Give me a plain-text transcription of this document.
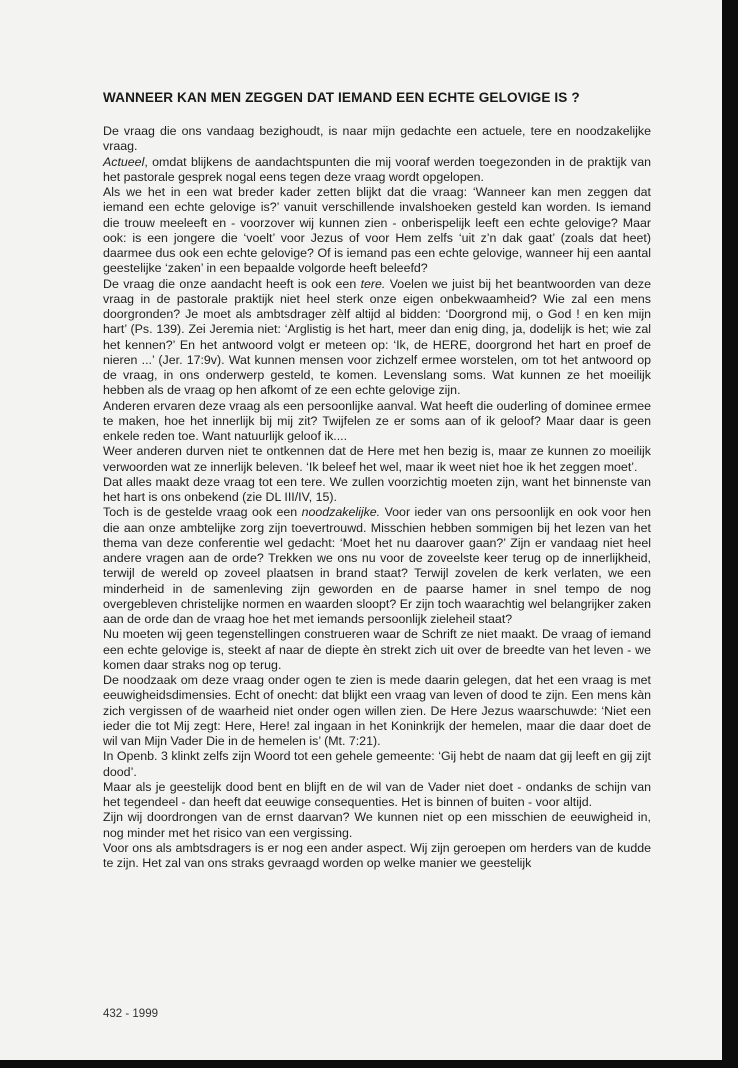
WANNEER KAN MEN ZEGGEN DAT IEMAND EEN ECHTE GELOVIGE IS ?

De vraag die ons vandaag bezighoudt, is naar mijn gedachte een actuele, tere en noodzakelijke vraag.

Actueel, omdat blijkens de aandachtspunten die mij vooraf werden toegezonden in de praktijk van het pastorale gesprek nogal eens tegen deze vraag wordt opgelopen.

Als we het in een wat breder kader zetten blijkt dat die vraag: ‘Wanneer kan men zeggen dat iemand een echte gelovige is?’ vanuit verschillende invalshoeken gesteld kan worden. Is iemand die trouw meeleeft en - voorzover wij kunnen zien - onberispelijk leeft een echte gelovige? Maar ook: is een jongere die ‘voelt’ voor Jezus of voor Hem zelfs ‘uit z’n dak gaat’ (zoals dat heet) daarmee dus ook een echte gelovige? Of is iemand pas een echte gelovige, wanneer hij een aantal geestelijke ‘zaken’ in een bepaalde volgorde heeft beleefd?

De vraag die onze aandacht heeft is ook een tere. Voelen we juist bij het beantwoorden van deze vraag in de pastorale praktijk niet heel sterk onze eigen onbekwaamheid? Wie zal een mens doorgronden? Je moet als ambtsdrager zèlf altijd al bidden: ‘Doorgrond mij, o God ! en ken mijn hart’ (Ps. 139). Zei Jeremia niet: ‘Arglistig is het hart, meer dan enig ding, ja, dodelijk is het; wie zal het kennen?’ En het antwoord volgt er meteen op: ‘Ik, de HERE, doorgrond het hart en proef de nieren ...’ (Jer. 17:9v). Wat kunnen mensen voor zichzelf ermee worstelen, om tot het antwoord op de vraag, in ons onderwerp gesteld, te komen. Levenslang soms. Wat kunnen ze het moeilijk hebben als de vraag op hen afkomt of ze een echte gelovige zijn.

Anderen ervaren deze vraag als een persoonlijke aanval. Wat heeft die ouderling of dominee ermee te maken, hoe het innerlijk bij mij zit? Twijfelen ze er soms aan of ik geloof? Maar daar is geen enkele reden toe. Want natuurlijk geloof ik....

Weer anderen durven niet te ontkennen dat de Here met hen bezig is, maar ze kunnen zo moeilijk verwoorden wat ze innerlijk beleven. ‘Ik beleef het wel, maar ik weet niet hoe ik het zeggen moet’.

Dat alles maakt deze vraag tot een tere. We zullen voorzichtig moeten zijn, want het binnenste van het hart is ons onbekend (zie DL III/IV, 15).

Toch is de gestelde vraag ook een noodzakelijke. Voor ieder van ons persoonlijk en ook voor hen die aan onze ambtelijke zorg zijn toevertrouwd. Misschien hebben sommigen bij het lezen van het thema van deze conferentie wel gedacht: ‘Moet het nu daarover gaan?’ Zijn er vandaag niet heel andere vragen aan de orde? Trekken we ons nu voor de zoveelste keer terug op de innerlijkheid, terwijl de wereld op zoveel plaatsen in brand staat? Terwijl zovelen de kerk verlaten, we een minderheid in de samenleving zijn geworden en de paarse hamer in snel tempo de nog overgebleven christelijke normen en waarden sloopt? Er zijn toch waarachtig wel belangrijker zaken aan de orde dan de vraag hoe het met iemands persoonlijk zieleheil staat?

Nu moeten wij geen tegenstellingen construeren waar de Schrift ze niet maakt. De vraag of iemand een echte gelovige is, steekt af naar de diepte èn strekt zich uit over de breedte van het leven - we komen daar straks nog op terug.

De noodzaak om deze vraag onder ogen te zien is mede daarin gelegen, dat het een vraag is met eeuwigheidsdimensies. Echt of onecht: dat blijkt een vraag van leven of dood te zijn. Een mens kàn zich vergissen of de waarheid niet onder ogen willen zien. De Here Jezus waarschuwde: ‘Niet een ieder die tot Mij zegt: Here, Here! zal ingaan in het Koninkrijk der hemelen, maar die daar doet de wil van Mijn Vader Die in de hemelen is’ (Mt. 7:21).

In Openb. 3 klinkt zelfs zijn Woord tot een gehele gemeente: ‘Gij hebt de naam dat gij leeft en gij zijt dood’.

Maar als je geestelijk dood bent en blijft en de wil van de Vader niet doet - ondanks de schijn van het tegendeel - dan heeft dat eeuwige consequenties. Het is binnen of buiten - voor altijd.

Zijn wij doordrongen van de ernst daarvan? We kunnen niet op een misschien de eeuwigheid in, nog minder met het risico van een vergissing.

Voor ons als ambtsdragers is er nog een ander aspect. Wij zijn geroepen om herders van de kudde te zijn. Het zal van ons straks gevraagd worden op welke manier we geestelijk

432 - 1999
